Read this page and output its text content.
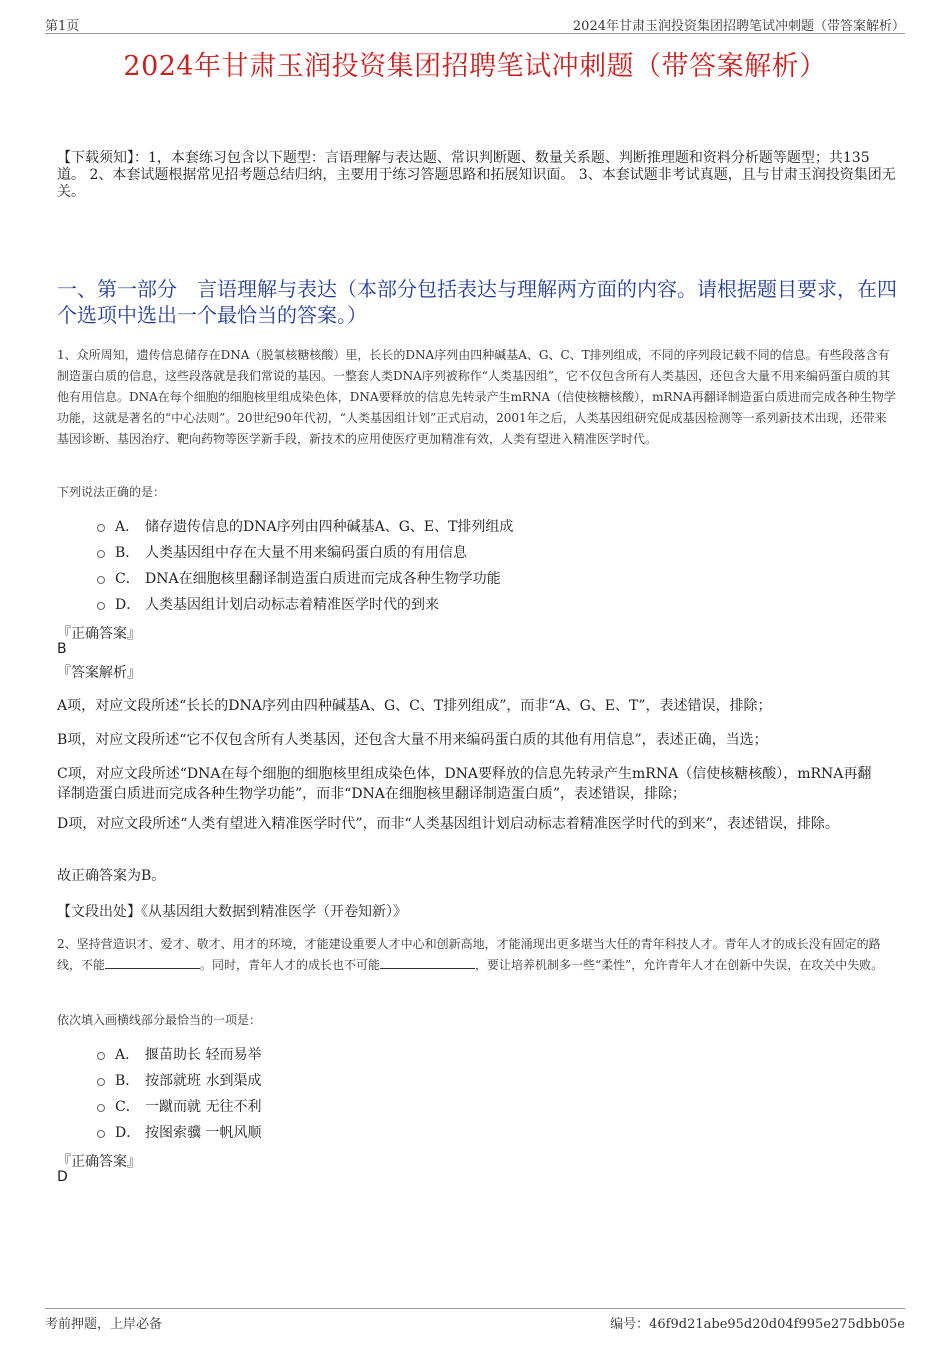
第1页	2024年甘肃玉润投资集团招聘笔试冲刺题（带答案解析）
2024年甘肃玉润投资集团招聘笔试冲刺题（带答案解析）
【下载须知】：1，本套练习包含以下题型：言语理解与表达题、常识判断题、数量关系题、判断推理题和资料分析题等题型；共135道。 2、本套试题根据常见招考题总结归纳，主要用于练习答题思路和拓展知识面。 3、本套试题非考试真题，且与甘肃玉润投资集团无关。
一、第一部分　言语理解与表达（本部分包括表达与理解两方面的内容。请根据题目要求，在四个选项中选出一个最恰当的答案。）
1、众所周知，遗传信息储存在DNA（脱氧核糖核酸）里，长长的DNA序列由四种碱基A、G、C、T排列组成，不同的序列段记载不同的信息。有些段落含有制造蛋白质的信息，这些段落就是我们常说的基因。一整套人类DNA序列被称作“人类基因组”，它不仅包含所有人类基因，还包含大量不用来编码蛋白质的其他有用信息。DNA在每个细胞的细胞核里组成染色体，DNA要释放的信息先转录产生mRNA（信使核糖核酸），mRNA再翻译制造蛋白质进而完成各种生物学功能，这就是著名的“中心法则”。20世纪90年代初，“人类基因组计划”正式启动，2001年之后，人类基因组研究促成基因检测等一系列新技术出现，还带来基因诊断、基因治疗、靶向药物等医学新手段，新技术的应用使医疗更加精准有效，人类有望进入精准医学时代。
下列说法正确的是：
A． 储存遗传信息的DNA序列由四种碱基A、G、E、T排列组成
B． 人类基因组中存在大量不用来编码蛋白质的有用信息
C． DNA在细胞核里翻译制造蛋白质进而完成各种生物学功能
D． 人类基因组计划启动标志着精准医学时代的到来
『正确答案』
B
『答案解析』
A项，对应文段所述“长长的DNA序列由四种碱基A、G、C、T排列组成”，而非“A、G、E、T”，表述错误，排除；
B项，对应文段所述“它不仅包含所有人类基因，还包含大量不用来编码蛋白质的其他有用信息”，表述正确，当选；
C项，对应文段所述“DNA在每个细胞的细胞核里组成染色体，DNA要释放的信息先转录产生mRNA（信使核糖核酸），mRNA再翻译制造蛋白质进而完成各种生物学功能”，而非“DNA在细胞核里翻译制造蛋白质”，表述错误，排除；
D项，对应文段所述“人类有望进入精准医学时代”，而非“人类基因组计划启动标志着精准医学时代的到来”，表述错误，排除。
故正确答案为B。
【文段出处】《从基因组大数据到精准医学（开卷知新）》
2、坚持营造识才、爱才、敬才、用才的环境，才能建设重要人才中心和创新高地，才能涌现出更多堪当大任的青年科技人才。青年人才的成长没有固定的路线，不能	。同时，青年人才的成长也不可能	，要让培养机制多一些“柔性”，允许青年人才在创新中失误，在攻关中失败。
依次填入画横线部分最恰当的一项是：
A． 揠苗助长 轻而易举
B． 按部就班 水到渠成
C． 一蹴而就 无往不利
D． 按图索骥 一帆风顺
『正确答案』
D
考前押题，上岸必备	编号：46f9d21abe95d20d04f995e275dbb05e
